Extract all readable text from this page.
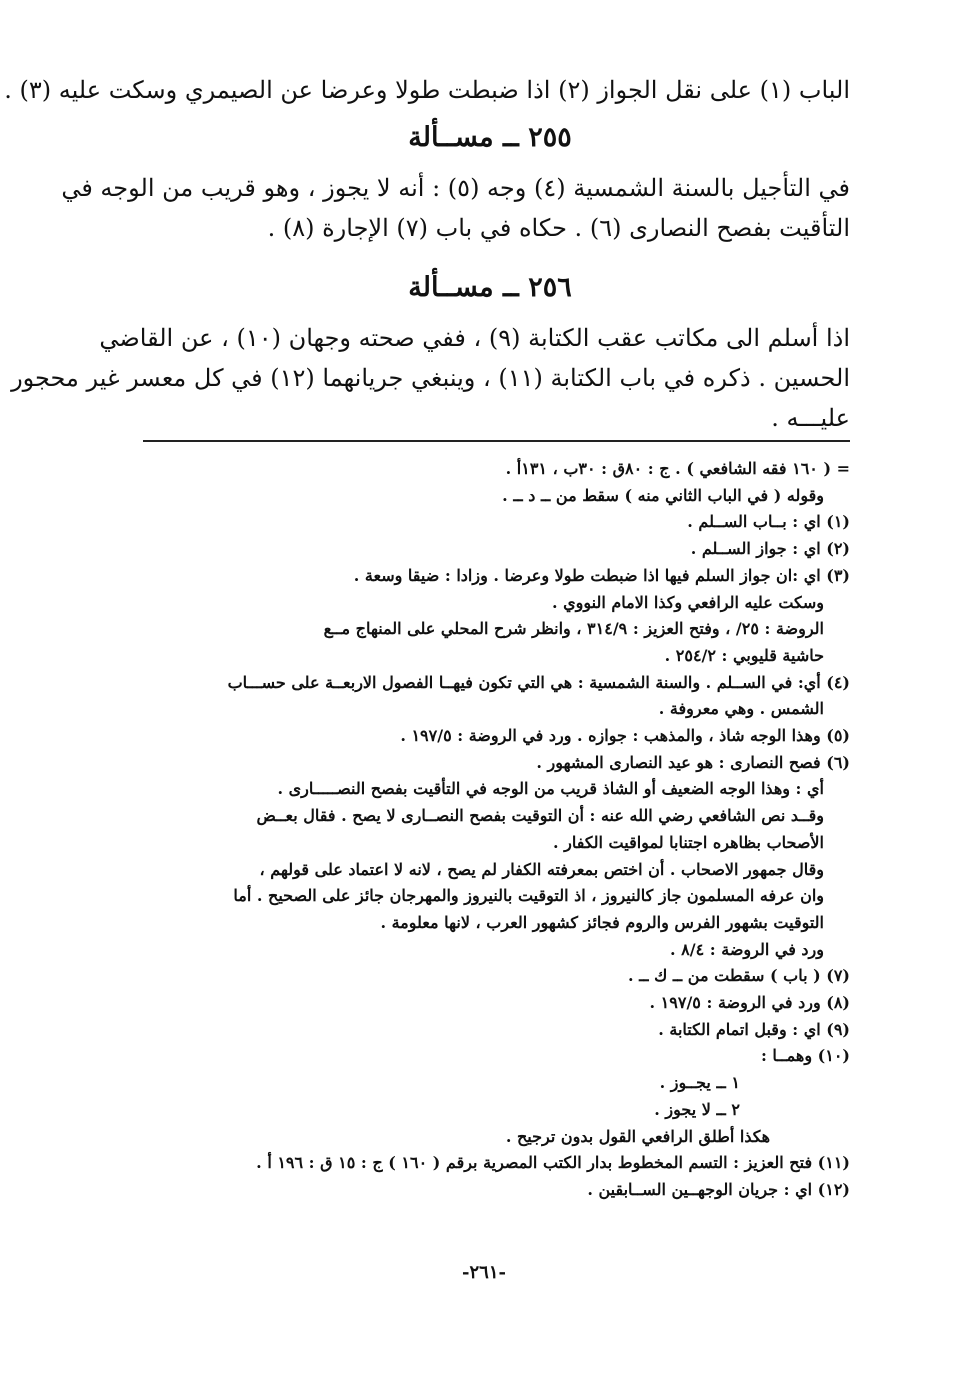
الباب (١) على نقل الجواز (٢) اذا ضبطت طولا وعرضا عن الصيمري وسكت عليه (٣) .
٢٥٥ ــ مســألة
في التأجيل بالسنة الشمسية (٤) وجه (٥) : أنه لا يجوز ، وهو قريب من الوجه في
التأقيت بفصح النصارى (٦) . حكاه في باب (٧) الإجارة (٨) .
٢٥٦ ــ مســألة
اذا أسلم الى مكاتب عقب الكتابة (٩) ، ففي صحته وجهان (١٠) ، عن القاضي
الحسين . ذكره في باب الكتابة (١١) ، وينبغي جريانهما (١٢) في كل معسر غير محجور
عليـــه .
= ( ١٦٠ فقه الشافعي ) . ج : ٨٠ق : ٣٠ب ، ١٣١أ .
وقوله ( في الباب الثاني منه ) سقط من ــ د ــ .
(١) اي : بــاب الســلم .
(٢) اي : جواز الســلم .
(٣) اي :ان جواز السلم فيها اذا ضبطت طولا وعرضا . وزادا : ضيقا وسعة .
وسكت عليه الرافعي وكذا الامام النووي .
الروضة : ٢٥/ ، وفتح العزيز : ٣١٤/٩ ، وانظر شرح المحلي على المنهاج مــع
حاشية قليوبي : ٢٥٤/٢ .
(٤) أي: في الســلم . والسنة الشمسية : هي التي تكون فيهــا الفصول الاربعــة على حســـاب
الشمس . وهي معروفة .
(٥) وهذا الوجه شاذ ، والمذهب : جوازه . ورد في الروضة : ١٩٧/٥ .
(٦) فصح النصارى : هو عيد النصارى المشهور .
أي : وهذا الوجه الضعيف أو الشاذ قريب من الوجه في التأقيت بفصح النصـــــارى .
وقــد نص الشافعي رضي الله عنه : أن التوقيت بفصح النصــارى لا يصح . فقال بعــض
الأصحاب بظاهره اجتنابا لمواقيت الكفار .
وقال جمهور الاصحاب . أن اختص بمعرفته الكفار لم يصح ، لانه لا اعتماد على قولهم ،
وان عرفه المسلمون جاز كالنيروز ، اذ التوقيت بالنيروز والمهرجان جائز على الصحيح . أما
التوقيت بشهور الفرس والروم فجائز كشهور العرب ، لانها معلومة .
ورد في الروضة : ٨/٤ .
(٧) ( باب ) سقطت من ــ ك ــ .
(٨) ورد في الروضة : ١٩٧/٥ .
(٩) اي : وقبل اتمام الكتابة .
(١٠) وهمــا :
١ ــ يجــوز .
٢ ــ لا يجوز .
هكذا أطلق الرافعي القول بدون ترجيح .
(١١) فتح العزيز : التسم المخطوط بدار الكتب المصرية برقم ( ١٦٠ ) ج : ١٥ ق : ١٩٦ أ .
(١٢) اي : جريان الوجهــين الســابقين .
-٢٦١-
